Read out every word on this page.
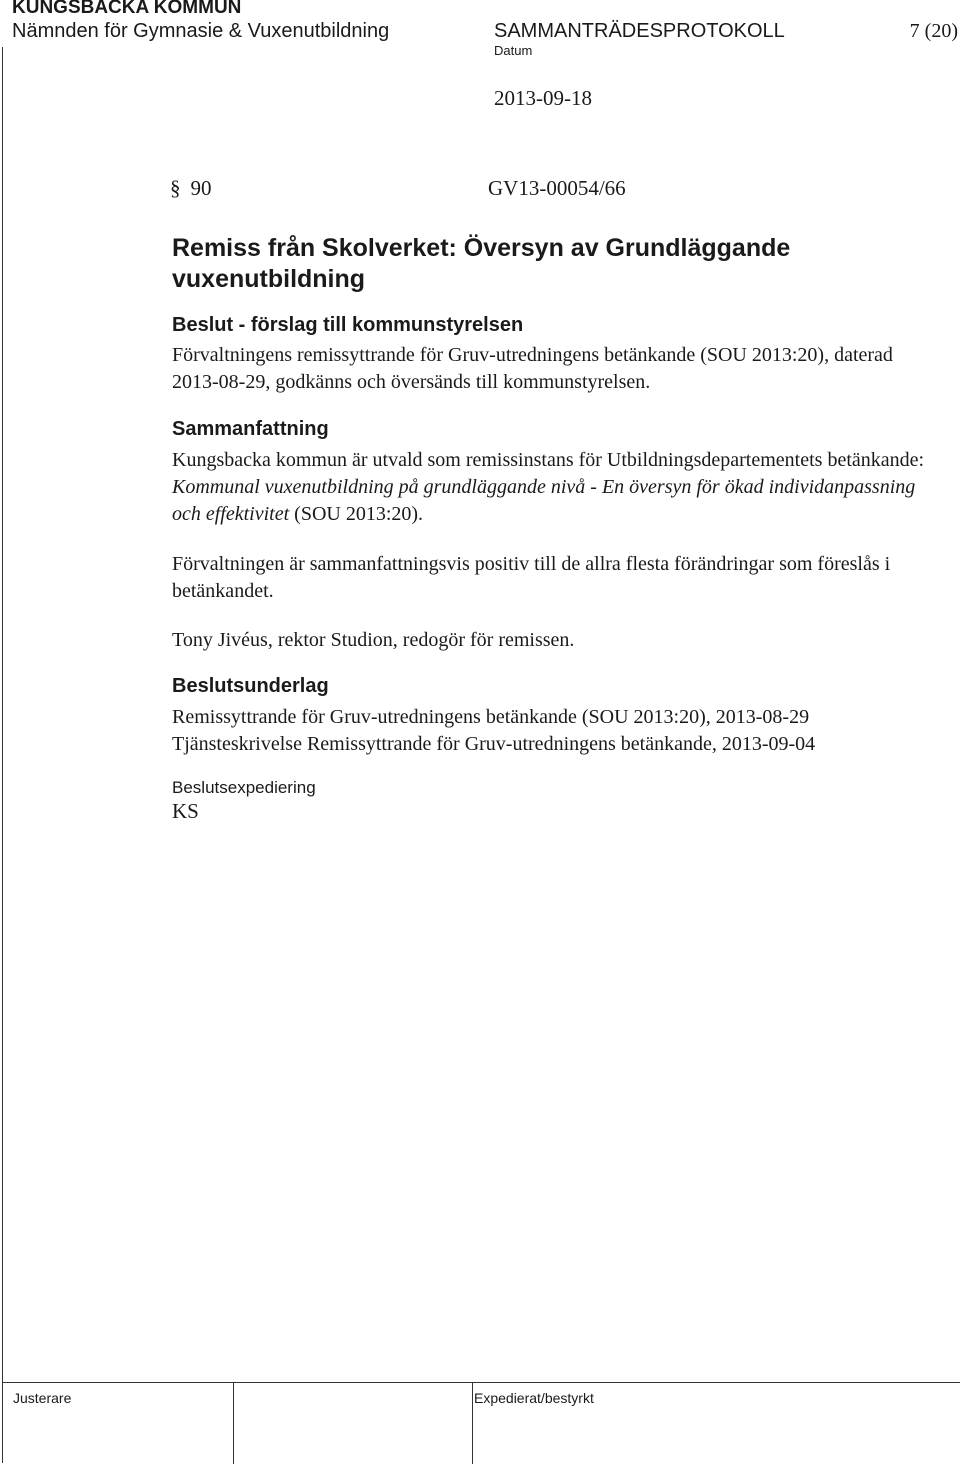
KUNGSBACKA KOMMUN
Nämnden för Gymnasie & Vuxenutbildning	SAMMANTRÄDESPROTOKOLL	7 (20)
Datum
2013-09-18
§ 90	GV13-00054/66
Remiss från Skolverket: Översyn av Grundläggande vuxenutbildning
Beslut - förslag till kommunstyrelsen
Förvaltningens remissyttrande för Gruv-utredningens betänkande (SOU 2013:20), daterad 2013-08-29, godkänns och översänds till kommunstyrelsen.
Sammanfattning
Kungsbacka kommun är utvald som remissinstans för Utbildningsdepartementets betänkande: Kommunal vuxenutbildning på grundläggande nivå - En översyn för ökad individanpassning och effektivitet (SOU 2013:20).
Förvaltningen är sammanfattningsvis positiv till de allra flesta förändringar som föreslås i betänkandet.
Tony Jivéus, rektor Studion, redogör för remissen.
Beslutsunderlag
Remissyttrande för Gruv-utredningens betänkande (SOU 2013:20), 2013-08-29
Tjänsteskrivelse Remissyttrande för Gruv-utredningens betänkande, 2013-09-04
Beslutsexpediering
KS
Justerare	Expedierat/bestyrkt
